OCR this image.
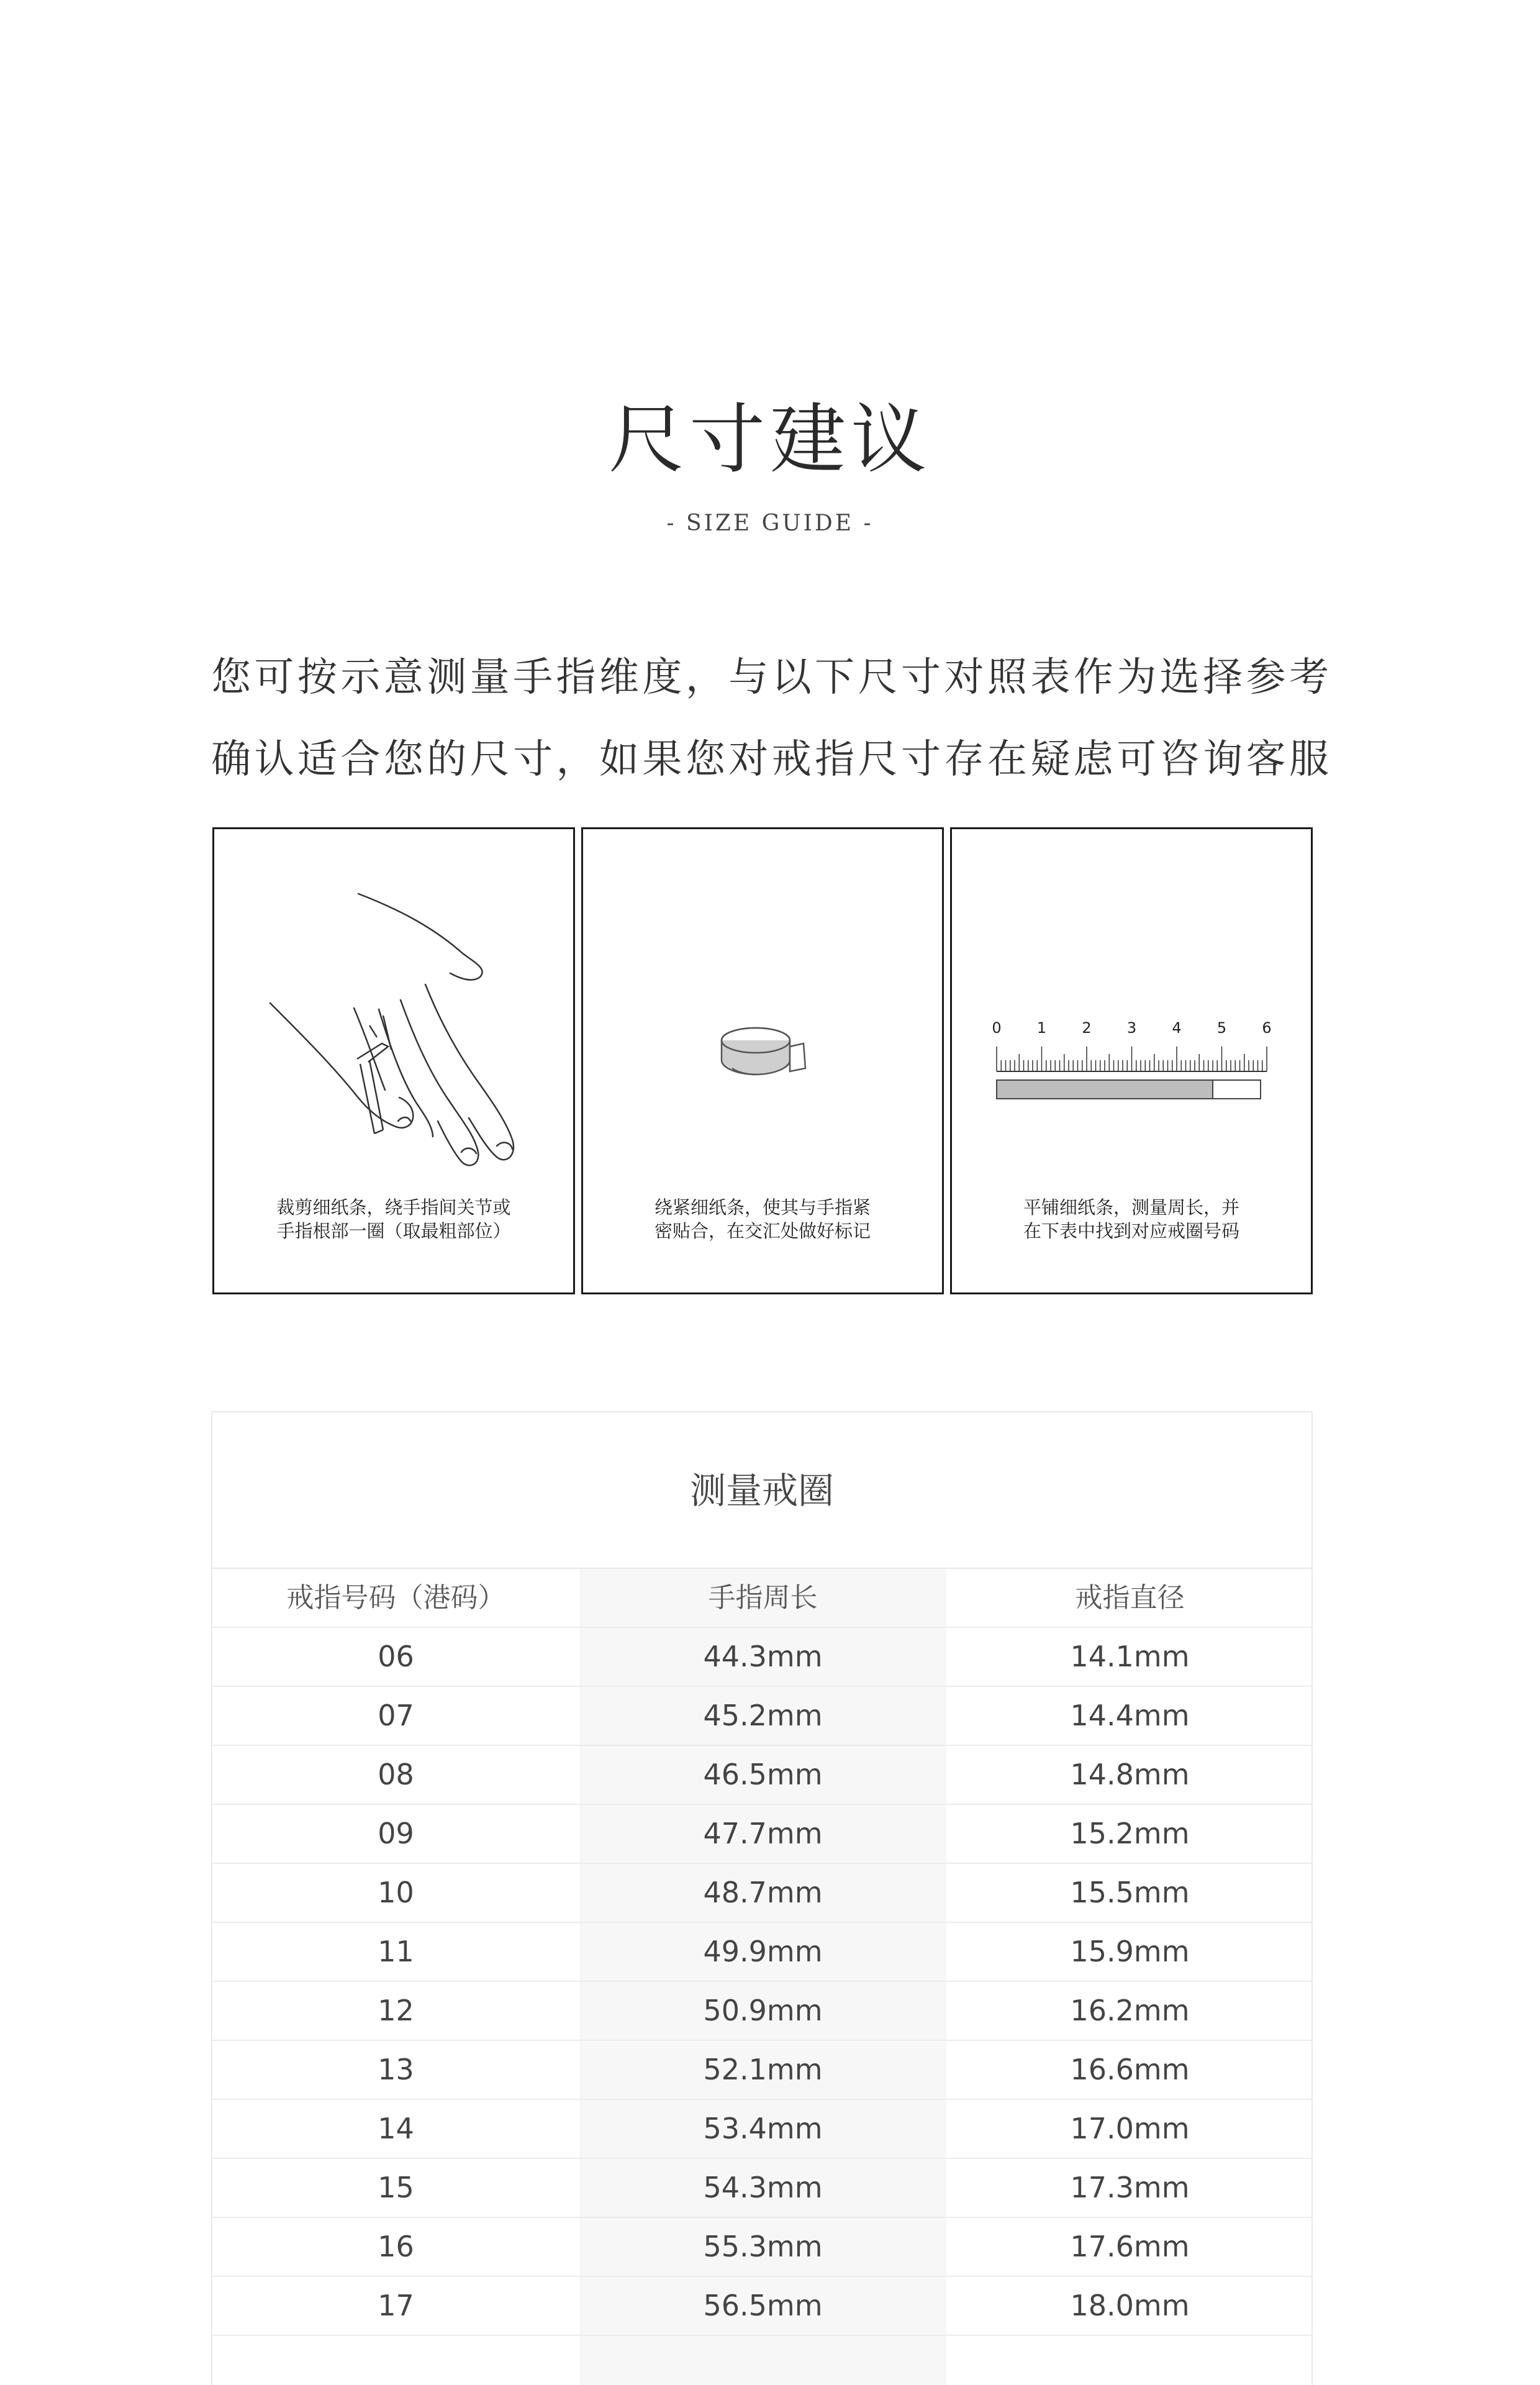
尺寸建议
- SIZE GUIDE -
您可按示意测量手指维度，与以下尺寸对照表作为选择参考
确认适合您的尺寸，如果您对戒指尺寸存在疑虑可咨询客服
裁剪细纸条，绕手指间关节或
手指根部一圈（取最粗部位）
绕紧细纸条，使其与手指紧
密贴合，在交汇处做好标记
0 1 2 3 4 5 6
平铺细纸条，测量周长，并
在下表中找到对应戒圈号码
测量戒圈
戒指号码（港码）	手指周长	戒指直径
06	44.3mm	14.1mm
07	45.2mm	14.4mm
08	46.5mm	14.8mm
09	47.7mm	15.2mm
10	48.7mm	15.5mm
11	49.9mm	15.9mm
12	50.9mm	16.2mm
13	52.1mm	16.6mm
14	53.4mm	17.0mm
15	54.3mm	17.3mm
16	55.3mm	17.6mm
17	56.5mm	18.0mm
